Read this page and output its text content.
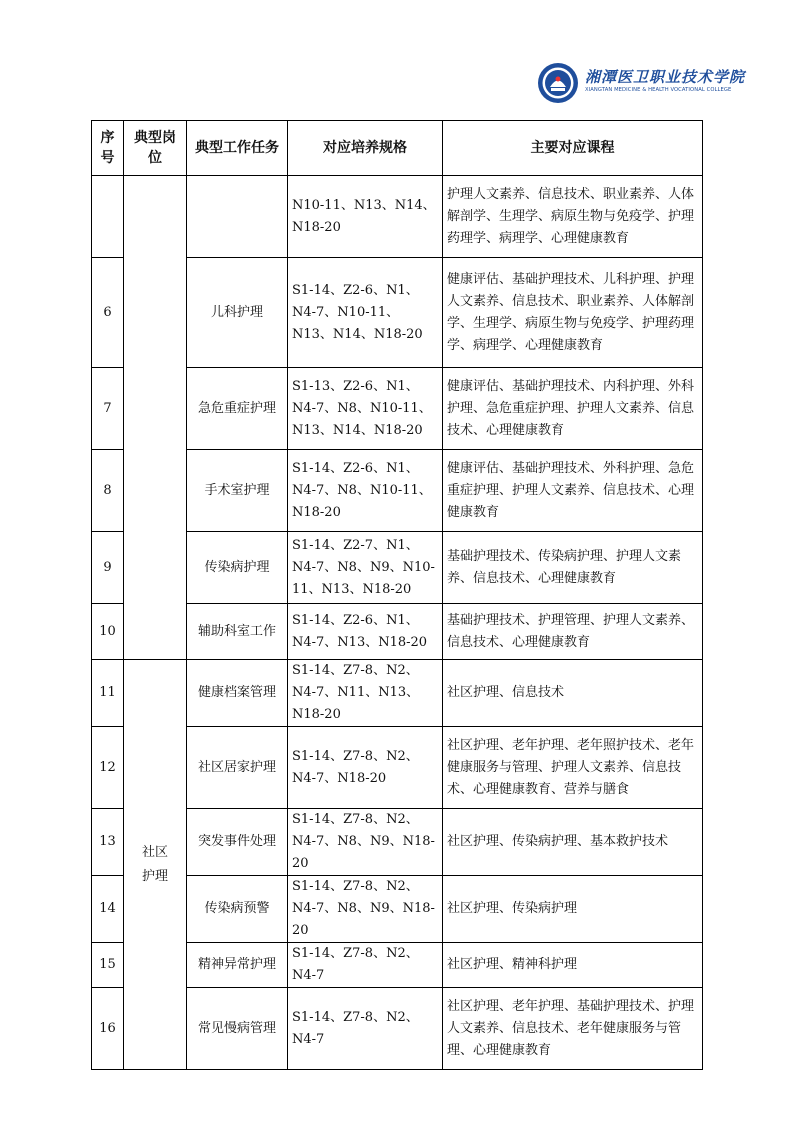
湘潭医卫职业技术学院
XIANGTAN MEDICINE & HEALTH VOCATIONAL COLLEGE
序号	典型岗位	典型工作任务	对应培养规格	主要对应课程
			N10-11、N13、N14、N18-20	护理人文素养、信息技术、职业素养、人体解剖学、生理学、病原生物与免疫学、护理药理学、病理学、心理健康教育
6		儿科护理	S1-14、Z2-6、N1、N4-7、N10-11、N13、N14、N18-20	健康评估、基础护理技术、儿科护理、护理人文素养、信息技术、职业素养、人体解剖学、生理学、病原生物与免疫学、护理药理学、病理学、心理健康教育
7		急危重症护理	S1-13、Z2-6、N1、N4-7、N8、N10-11、N13、N14、N18-20	健康评估、基础护理技术、内科护理、外科护理、急危重症护理、护理人文素养、信息技术、心理健康教育
8		手术室护理	S1-14、Z2-6、N1、N4-7、N8、N10-11、N18-20	健康评估、基础护理技术、外科护理、急危重症护理、护理人文素养、信息技术、心理健康教育
9		传染病护理	S1-14、Z2-7、N1、N4-7、N8、N9、N10-11、N13、N18-20	基础护理技术、传染病护理、护理人文素养、信息技术、心理健康教育
10		辅助科室工作	S1-14、Z2-6、N1、N4-7、N13、N18-20	基础护理技术、护理管理、护理人文素养、信息技术、心理健康教育
11	社区护理	健康档案管理	S1-14、Z7-8、N2、N4-7、N11、N13、N18-20	社区护理、信息技术
12		社区居家护理	S1-14、Z7-8、N2、N4-7、N18-20	社区护理、老年护理、老年照护技术、老年健康服务与管理、护理人文素养、信息技术、心理健康教育、营养与膳食
13		突发事件处理	S1-14、Z7-8、N2、N4-7、N8、N9、N18-20	社区护理、传染病护理、基本救护技术
14		传染病预警	S1-14、Z7-8、N2、N4-7、N8、N9、N18-20	社区护理、传染病护理
15		精神异常护理	S1-14、Z7-8、N2、N4-7	社区护理、精神科护理
16		常见慢病管理	S1-14、Z7-8、N2、N4-7	社区护理、老年护理、基础护理技术、护理人文素养、信息技术、老年健康服务与管理、心理健康教育
